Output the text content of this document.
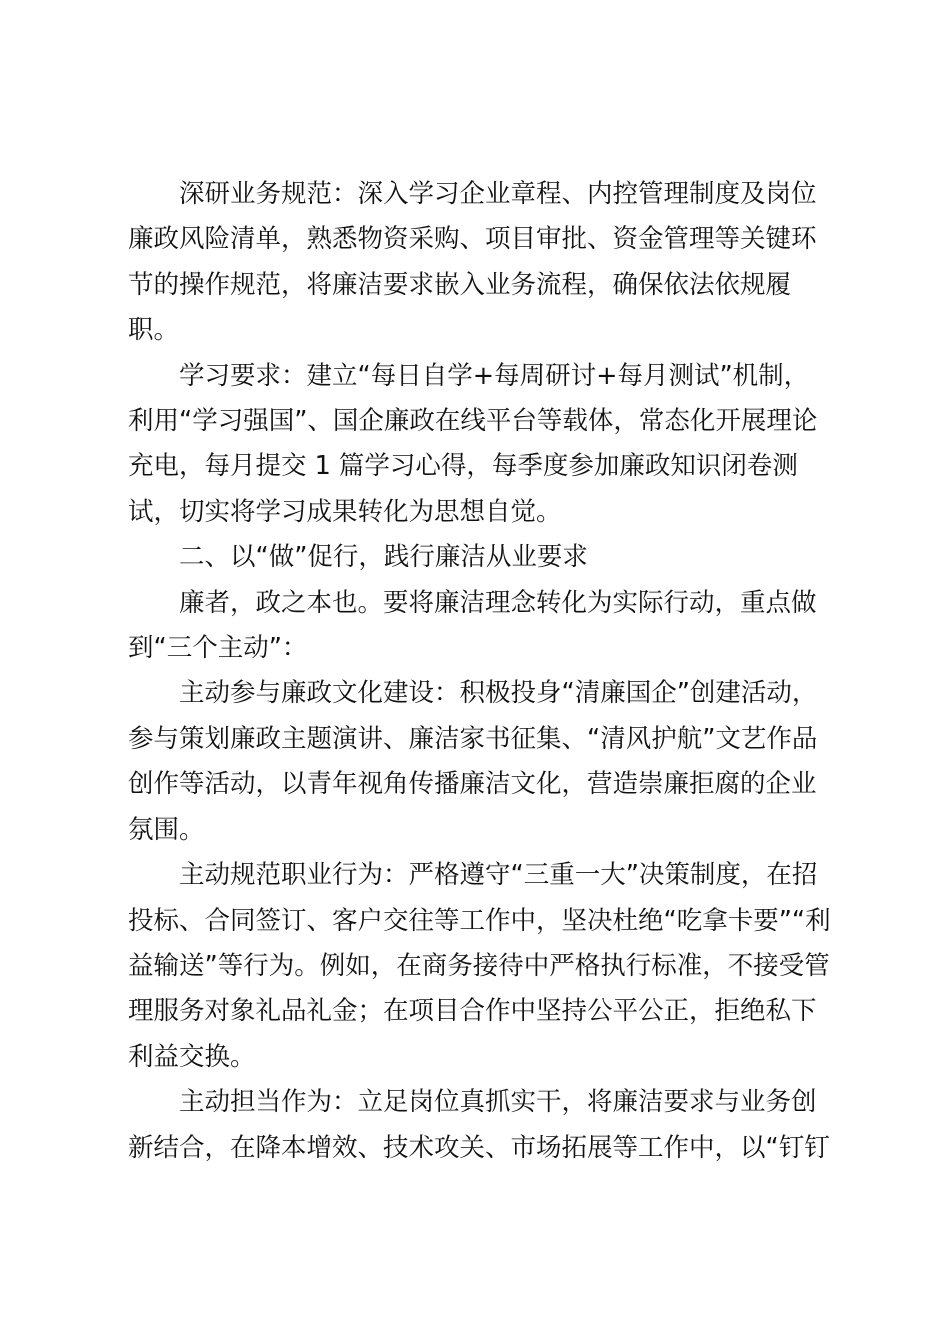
深研业务规范：深入学习企业章程、内控管理制度及岗位
廉政风险清单，熟悉物资采购、项目审批、资金管理等关键环
节的操作规范，将廉洁要求嵌入业务流程，确保依法依规履
职。
学习要求：建立“每日自学+每周研讨+每月测试”机制，
利用“学习强国”、国企廉政在线平台等载体，常态化开展理论
充电，每月提交 1 篇学习心得，每季度参加廉政知识闭卷测
试，切实将学习成果转化为思想自觉。
二、以“做”促行，践行廉洁从业要求
廉者，政之本也。要将廉洁理念转化为实际行动，重点做
到“三个主动”：
主动参与廉政文化建设：积极投身“清廉国企”创建活动，
参与策划廉政主题演讲、廉洁家书征集、“清风护航”文艺作品
创作等活动，以青年视角传播廉洁文化，营造崇廉拒腐的企业
氛围。
主动规范职业行为：严格遵守“三重一大”决策制度，在招
投标、合同签订、客户交往等工作中，坚决杜绝“吃拿卡要”“利
益输送”等行为。例如，在商务接待中严格执行标准，不接受管
理服务对象礼品礼金；在项目合作中坚持公平公正，拒绝私下
利益交换。
主动担当作为：立足岗位真抓实干，将廉洁要求与业务创
新结合，在降本增效、技术攻关、市场拓展等工作中，以“钉钉
